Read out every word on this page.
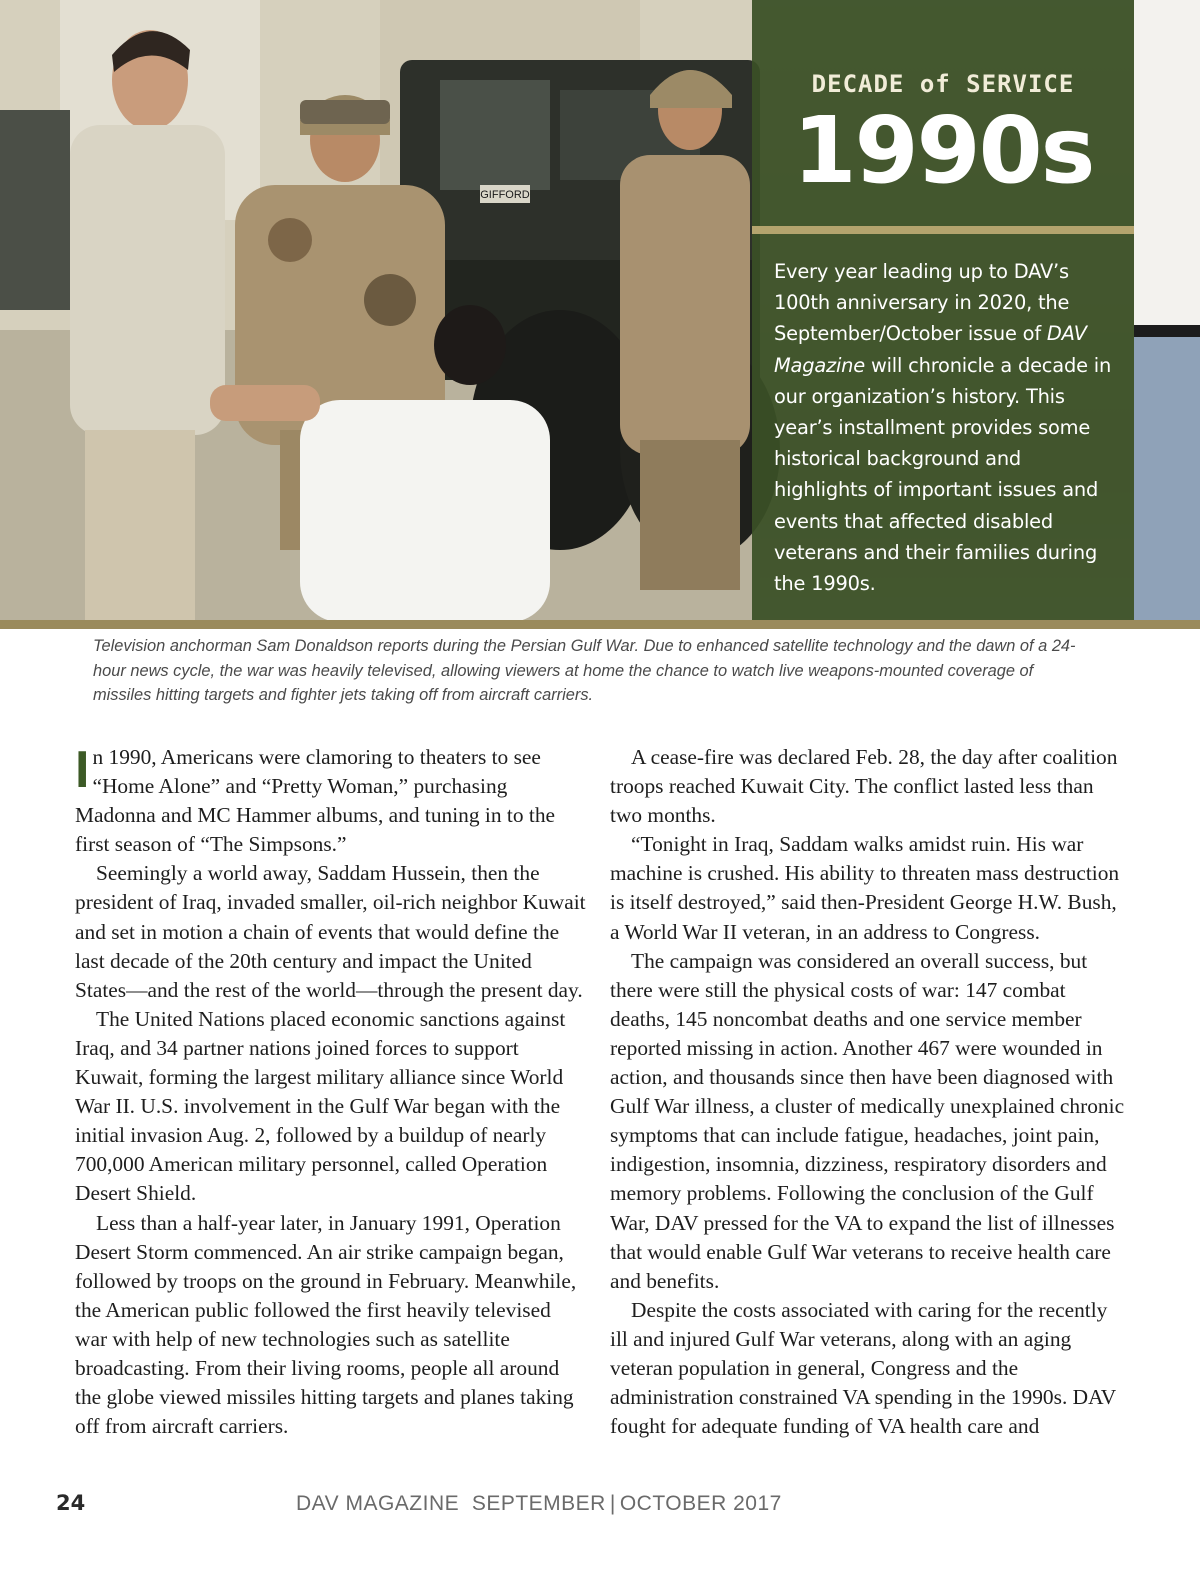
GIFFORD
DECADE of SERVICE
1990s
Every year leading up to DAV’s 100th anniversary in 2020, the September/October issue of DAV Magazine will chronicle a decade in our organization’s history. This year’s installment provides some historical background and highlights of important issues and events that affected disabled veterans and their families during the 1990s.
Television anchorman Sam Donaldson reports during the Persian Gulf War. Due to enhanced satellite technology and the dawn of a 24-hour news cycle, the war was heavily televised, allowing viewers at home the chance to watch live weapons-mounted coverage of missiles hitting targets and fighter jets taking off from aircraft carriers.

In 1990, Americans were clamoring to theaters to see “Home Alone” and “Pretty Woman,” purchasing Madonna and MC Hammer albums, and tuning in to the first season of “The Simpsons.”

Seemingly a world away, Saddam Hussein, then the president of Iraq, invaded smaller, oil-rich neighbor Kuwait and set in motion a chain of events that would define the last decade of the 20th century and impact the United States—and the rest of the world—through the present day.

The United Nations placed economic sanctions against Iraq, and 34 partner nations joined forces to support Kuwait, forming the largest military alliance since World War II. U.S. involvement in the Gulf War began with the initial invasion Aug. 2, followed by a buildup of nearly 700,000 American military personnel, called Operation Desert Shield.

Less than a half-year later, in January 1991, Operation Desert Storm commenced. An air strike campaign began, followed by troops on the ground in February. Meanwhile, the American public followed the first heavily televised war with help of new technologies such as satellite broadcasting. From their living rooms, people all around the globe viewed missiles hitting targets and planes taking off from aircraft carriers.

A cease-fire was declared Feb. 28, the day after coalition troops reached Kuwait City. The conflict lasted less than two months.

“Tonight in Iraq, Saddam walks amidst ruin. His war machine is crushed. His ability to threaten mass destruction is itself destroyed,” said then-President George H.W. Bush, a World War II veteran, in an address to Congress.

The campaign was considered an overall success, but there were still the physical costs of war: 147 combat deaths, 145 noncombat deaths and one service member reported missing in action. Another 467 were wounded in action, and thousands since then have been diagnosed with Gulf War illness, a cluster of medically unexplained chronic symptoms that can include fatigue, headaches, joint pain, indigestion, insomnia, dizziness, respiratory disorders and memory problems. Following the conclusion of the Gulf War, DAV pressed for the VA to expand the list of illnesses that would enable Gulf War veterans to receive health care and benefits.

Despite the costs associated with caring for the recently ill and injured Gulf War veterans, along with an aging veteran population in general, Congress and the administration constrained VA spending in the 1990s. DAV fought for adequate funding of VA health care and

24	DAV MAGAZINE SEPTEMBER | OCTOBER 2017
